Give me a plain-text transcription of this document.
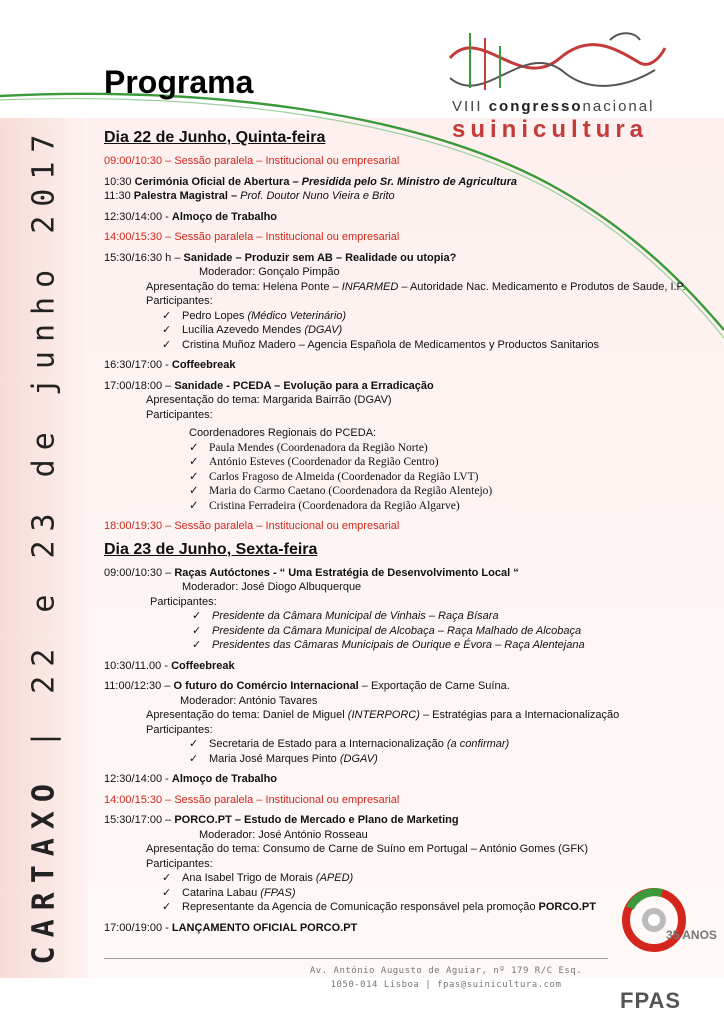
CARTAXO | 22 e 23 de junho 2017
Programa
VIII congressonacional
suinicultura
Dia 22 de Junho, Quinta-feira

09:00/10:30 – Sessão paralela – Institucional ou empresarial

10:30 Cerimónia Oficial de Abertura – Presidida pelo Sr. Ministro de Agricultura

11:30 Palestra Magistral – Prof. Doutor Nuno Vieira e Brito

12:30/14:00 - Almoço de Trabalho

14:00/15:30 – Sessão paralela – Institucional ou empresarial

15:30/16:30 h – Sanidade – Produzir sem AB – Realidade ou utopia?

Moderador: Gonçalo Pimpão

Apresentação do tema: Helena Ponte – INFARMED – Autoridade Nac. Medicamento e Produtos de Saude, I.P.

Participantes:

✓ Pedro Lopes (Médico Veterinário)

✓ Lucília Azevedo Mendes (DGAV)

✓ Cristina Muñoz Madero – Agencia Española de Medicamentos y Productos Sanitarios

16:30/17:00 - Coffeebreak

17:00/18:00 – Sanidade - PCEDA – Evolução para a Erradicação

Apresentação do tema: Margarida Bairrão (DGAV)

Participantes:

Coordenadores Regionais do PCEDA:

✓ Paula Mendes (Coordenadora da Região Norte)

✓ António Esteves (Coordenador da Região Centro)

✓ Carlos Fragoso de Almeida (Coordenador da Região LVT)

✓ Maria do Carmo Caetano (Coordenadora da Região Alentejo)

✓ Cristina Ferradeira (Coordenadora da Região Algarve)

18:00/19:30 – Sessão paralela – Institucional ou empresarial

Dia 23 de Junho, Sexta-feira

09:00/10:30 – Raças Autóctones - “ Uma Estratégia de Desenvolvimento Local “

Moderador: José Diogo Albuquerque

Participantes:

✓ Presidente da Câmara Municipal de Vinhais – Raça Bísara

✓ Presidente da Câmara Municipal de Alcobaça – Raça Malhado de Alcobaça

✓ Presidentes das Câmaras Municipais de Ourique e Évora – Raça Alentejana

10:30/11.00 - Coffeebreak

11:00/12:30 – O futuro do Comércio Internacional – Exportação de Carne Suína.

Moderador: António Tavares

Apresentação do tema: Daniel de Miguel (INTERPORC) – Estratégias para a Internacionalização

Participantes:

✓ Secretaria de Estado para a Internacionalização (a confirmar)

✓ Maria José Marques Pinto (DGAV)

12:30/14:00 - Almoço de Trabalho

14:00/15:30 – Sessão paralela – Institucional ou empresarial

15:30/17:00 – PORCO.PT – Estudo de Mercado e Plano de Marketing

Moderador: José António Rosseau

Apresentação do tema: Consumo de Carne de Suíno em Portugal – António Gomes (GFK)

Participantes:

✓ Ana Isabel Trigo de Morais (APED)

✓ Catarina Labau (FPAS)

✓ Representante da Agencia de Comunicação responsável pela promoção PORCO.PT

17:00/19:00 - LANÇAMENTO OFICIAL PORCO.PT

Av. António Augusto de Aguiar, nº 179 R/C Esq.
1050-014 Lisboa | fpas@suinicultura.com
35 ANOS
FPAS
